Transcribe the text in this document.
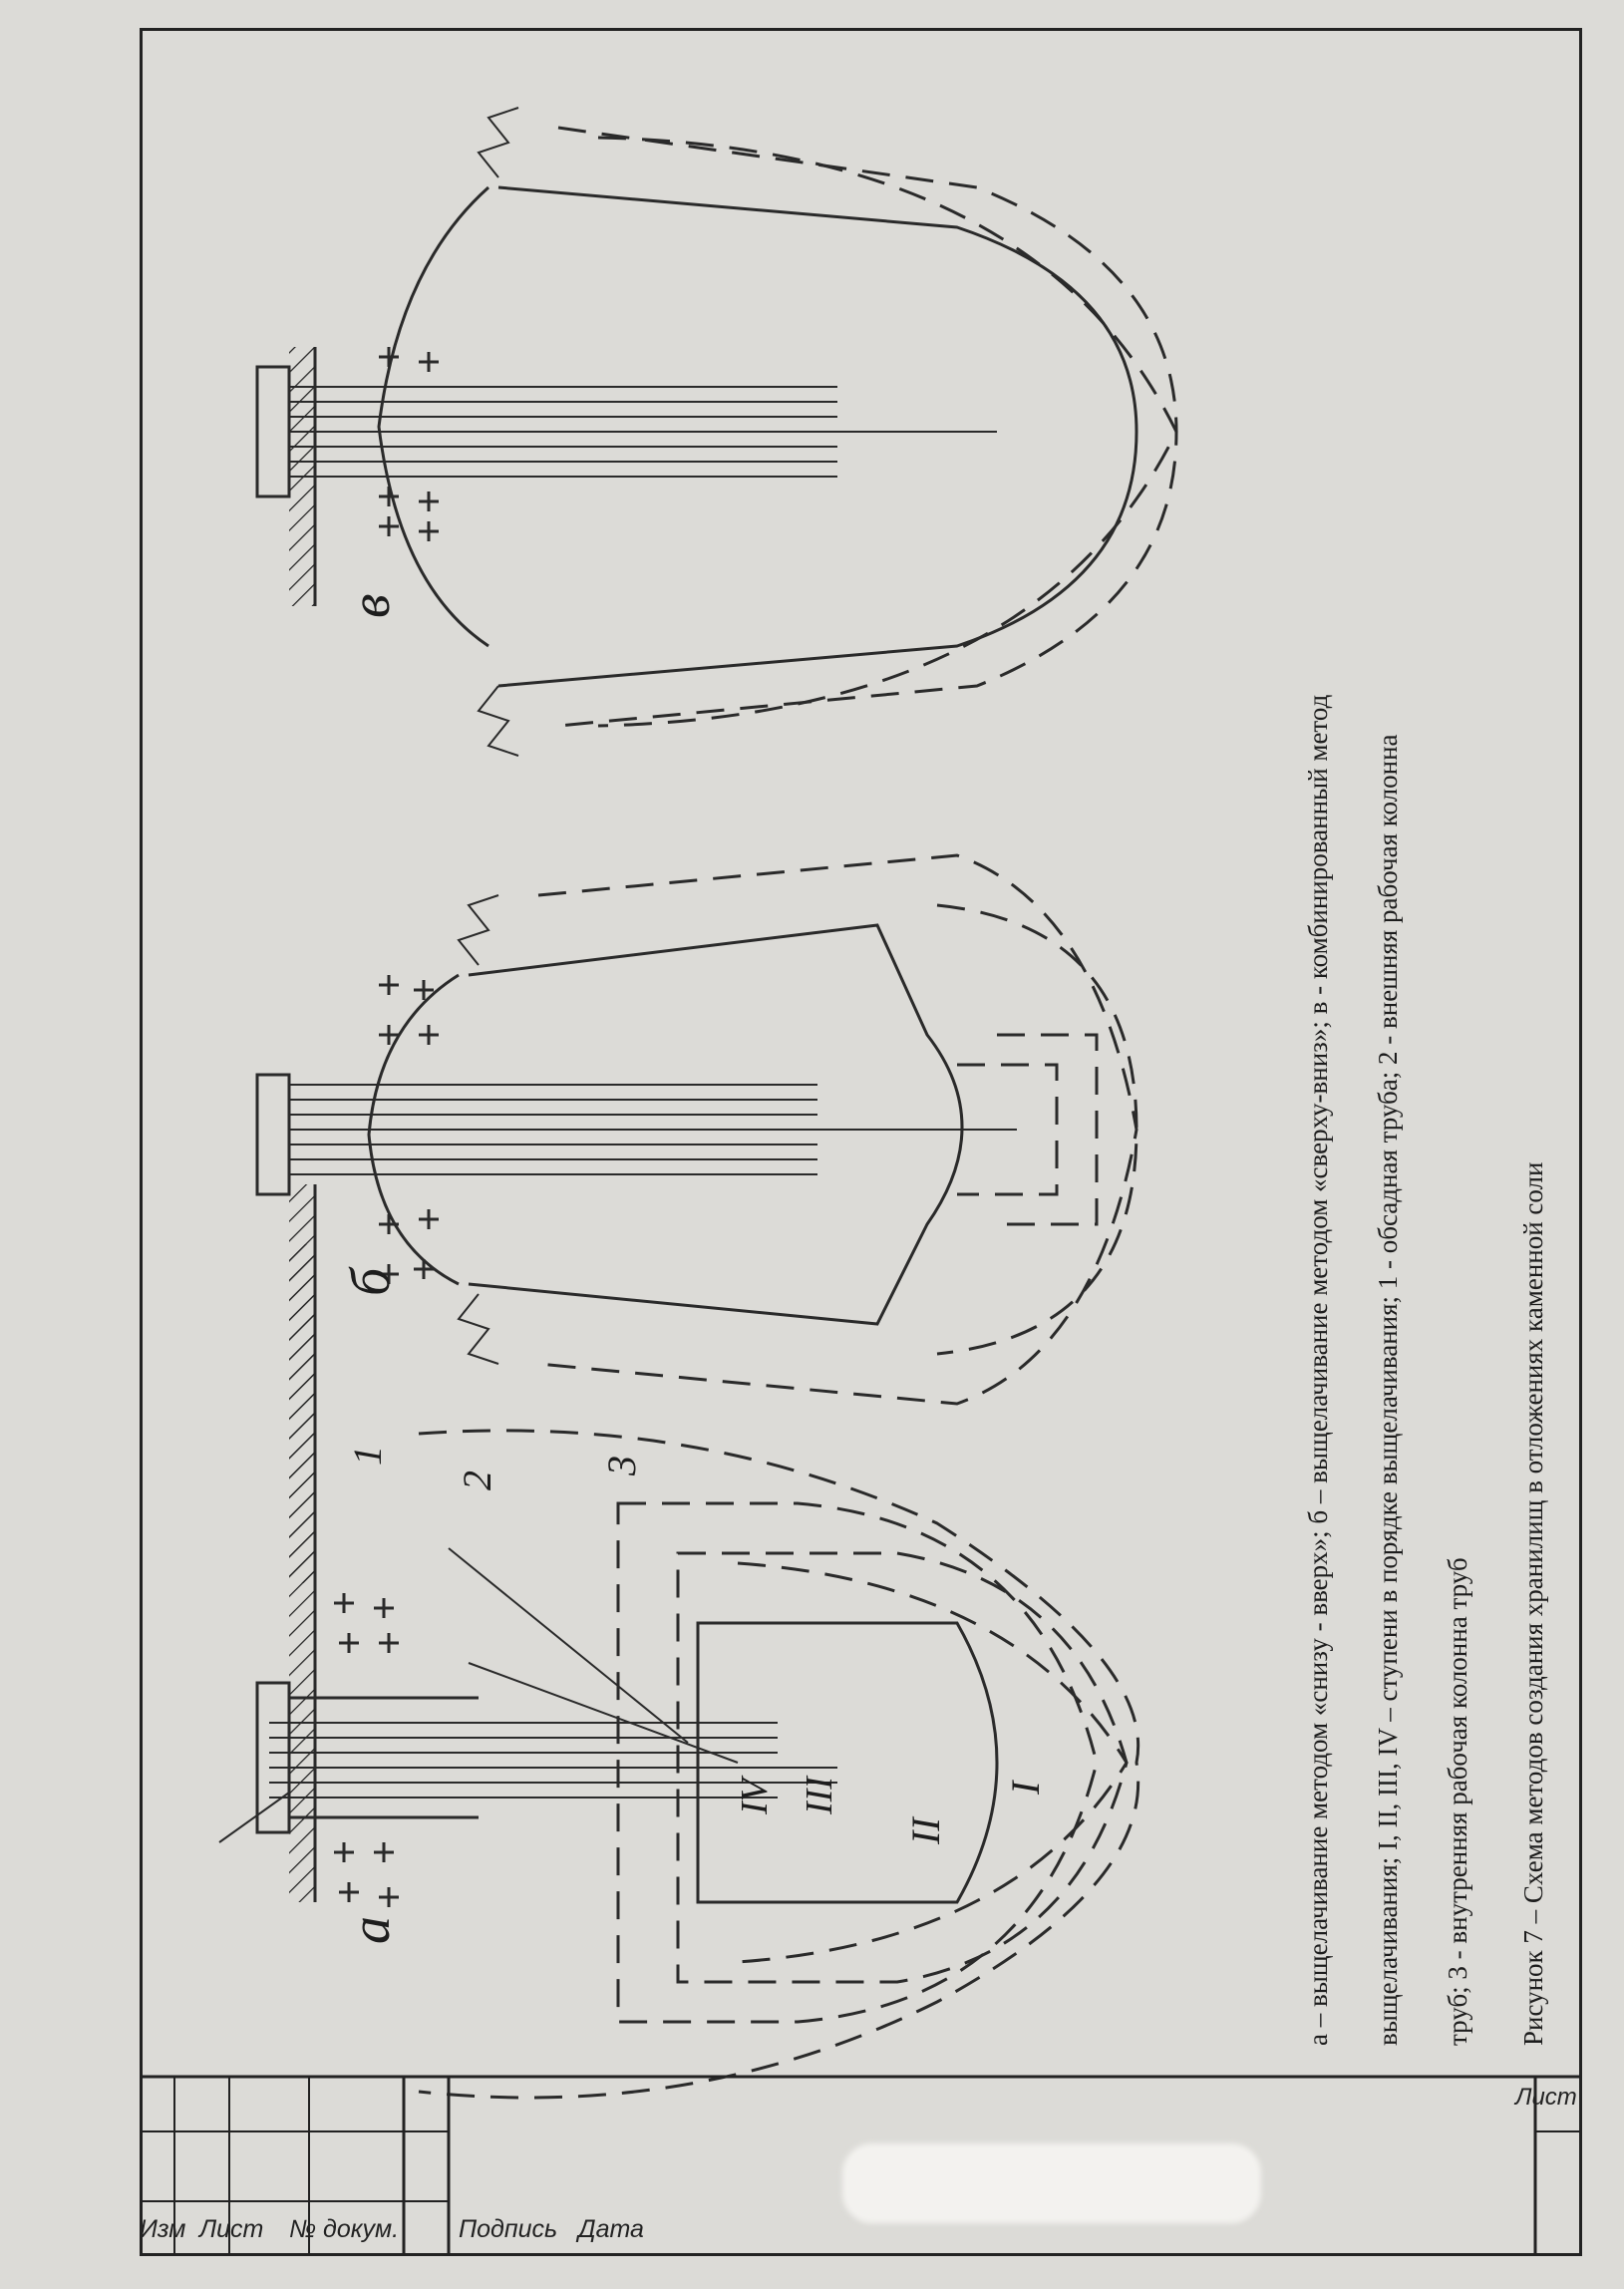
а
б
в
1
2
3
I
II
III
IV	а – выщелачивание методом «снизу - вверх»; б – выщелачивание методом «сверху-вниз»; в - комбинированный метод выщелачивания; I, II, III, IV – ступени в порядке выщелачивания; 1 - обсадная труба; 2 - внешняя рабочая колонна труб; 3 - внутренняя рабочая колонна труб Рисунок 7 – Схема методов создания хранилищ в отложениях каменной соли
Изм Лист № докум. Подпись Дата
Лист
